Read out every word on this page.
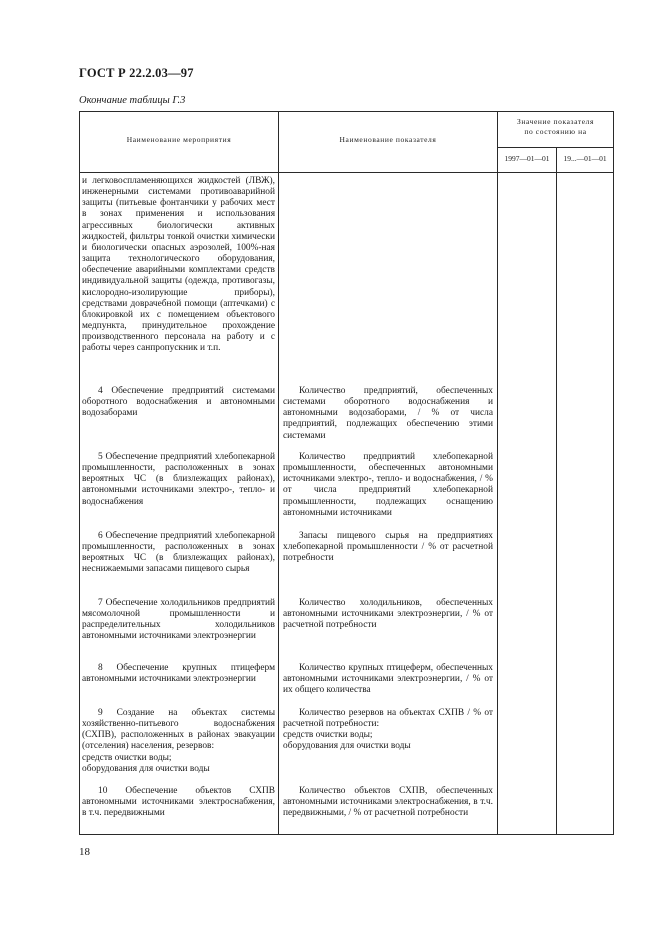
ГОСТ Р 22.2.03—97
Окончание таблицы Г.3
Наименование мероприятия	Наименование показателя
Значение показателя
по состоянию на
1997—01—01	19...—01—01
и легковоспламеняющихся жидкостей (ЛВЖ), инженерными системами противоаварийной защиты (питьевые фонтанчики у рабочих мест в зонах применения и использования агрессивных биологически активных жидкостей, фильтры тонкой очистки химически и биологически опасных аэрозолей, 100%-ная защита технологического оборудования, обеспечение аварийными комплектами средств индивидуальной защиты (одежда, противогазы, кислородно-изолирующие приборы), средствами доврачебной помощи (аптечками) с блокировкой их с помещением объектового медпункта, принудительное прохождение производственного персонала на работу и с работы через санпропускник и т.п.
4 Обеспечение предприятий системами оборотного водоснабжения и автономными водозаборами
Количество предприятий, обеспеченных системами оборотного водоснабжения и автономными водозаборами, / % от числа предприятий, подлежащих обеспечению этими системами
5 Обеспечение предприятий хлебопекарной промышленности, расположенных в зонах вероятных ЧС (в близлежащих районах), автономными источниками электро-, тепло- и водоснабжения
Количество предприятий хлебопекарной промышленности, обеспеченных автономными источниками электро-, тепло- и водоснабжения, / % от числа предприятий хлебопекарной промышленности, подлежащих оснащению автономными источниками
6 Обеспечение предприятий хлебопекарной промышленности, расположенных в зонах вероятных ЧС (в близлежащих районах), неснижаемыми запасами пищевого сырья
Запасы пищевого сырья на предприятиях хлебопекарной промышленности / % от расчетной потребности
7 Обеспечение холодильников предприятий мясомолочной промышленности и распределительных холодильников автономными источниками электроэнергии
Количество холодильников, обеспеченных автономными источниками электроэнергии, / % от расчетной потребности
8 Обеспечение крупных птицеферм автономными источниками электроэнергии
Количество крупных птицеферм, обеспеченных автономными источниками электроэнергии, / % от их общего количества
9 Создание на объектах системы хозяйственно-питьевого водоснабжения (СХПВ), расположенных в районах эвакуации (отселения) населения, резервов:
средств очистки воды;
оборудования для очистки воды
Количество резервов на объектах СХПВ / % от расчетной потребности:
средств очистки воды;
оборудования для очистки воды
10 Обеспечение объектов СХПВ автономными источниками электроснабжения, в т.ч. передвижными
Количество объектов СХПВ, обеспеченных автономными источниками электроснабжения, в т.ч. передвижными, / % от расчетной потребности
18
